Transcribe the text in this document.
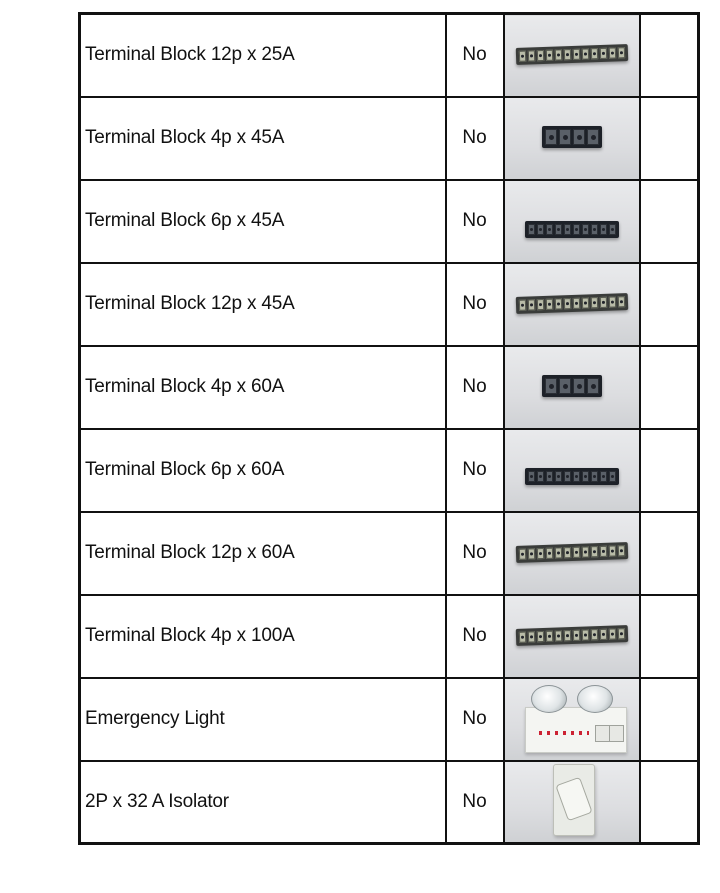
Terminal Block 12p x 25A	No	

Terminal Block 4p x 45A	No	

Terminal Block 6p x 45A	No	

Terminal Block 12p x 45A	No	

Terminal Block 4p x 60A	No	

Terminal Block 6p x 60A	No	

Terminal Block 12p x 60A	No	

Terminal Block 4p x 100A	No	

Emergency Light	No	

2P x 32 A Isolator	No	
